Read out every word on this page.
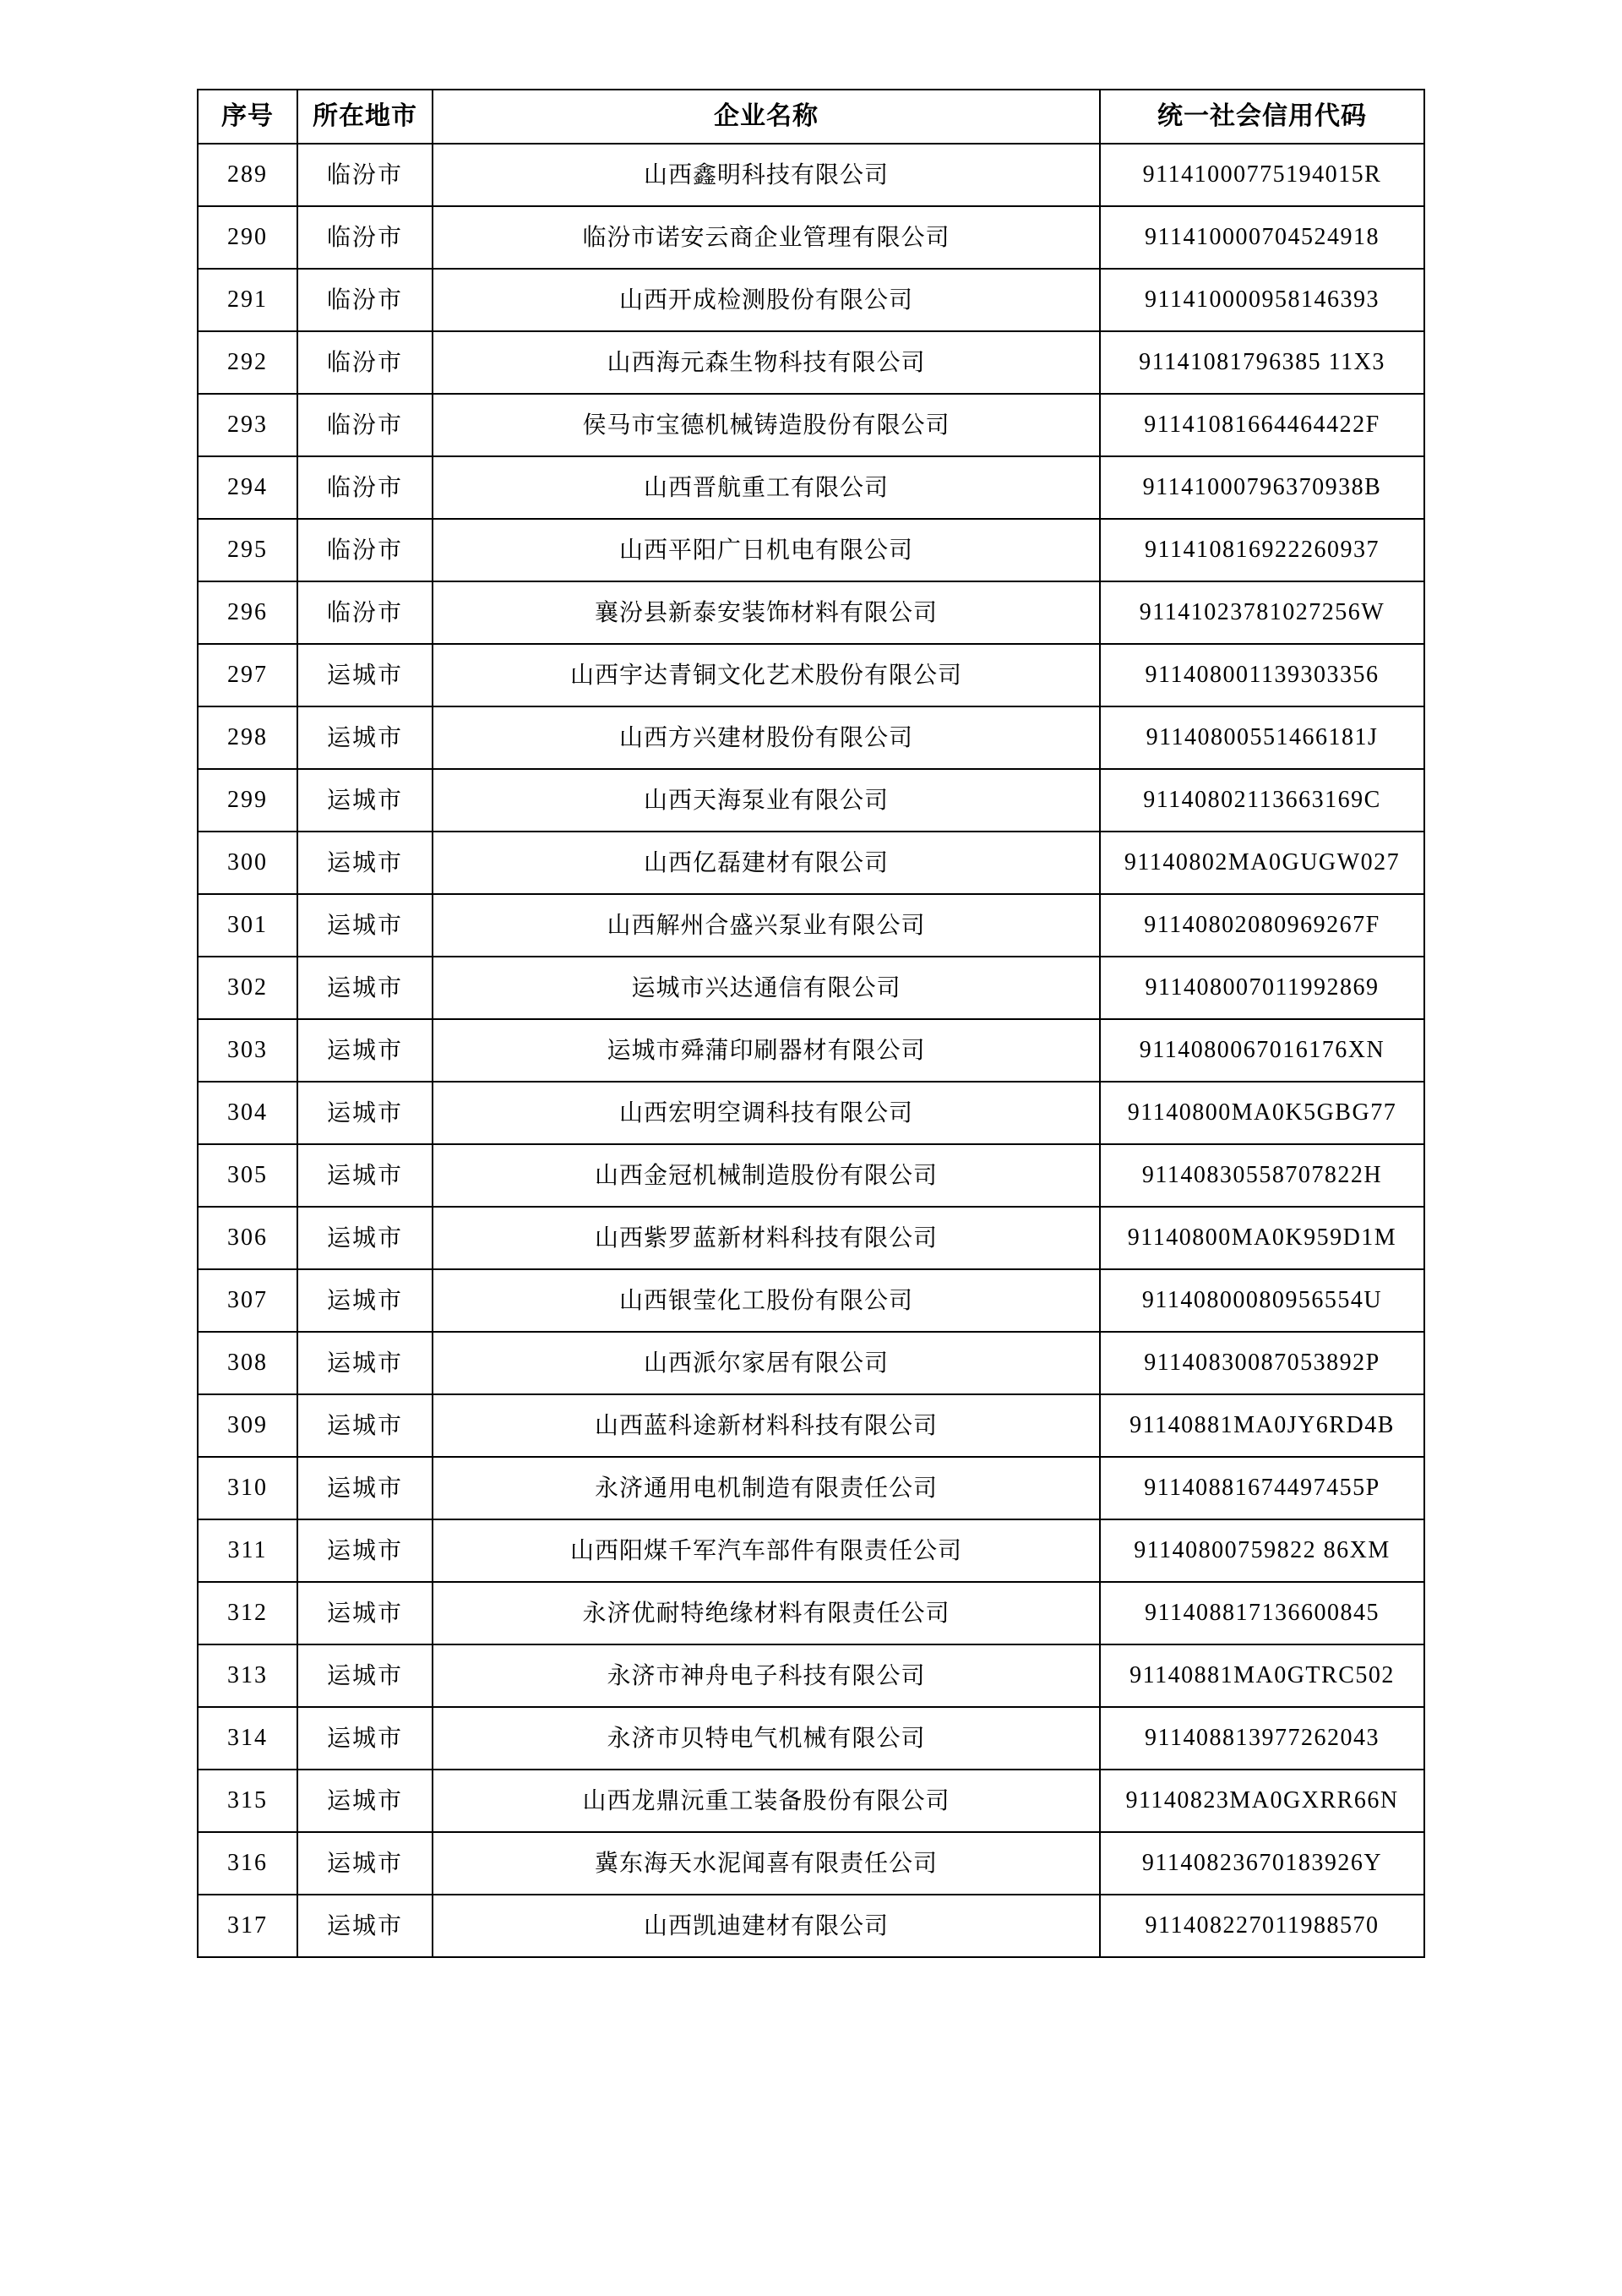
序号	所在地市	企业名称	统一社会信用代码
289	临汾市	山西鑫明科技有限公司	91141000775194015R
290	临汾市	临汾市诺安云商企业管理有限公司	911410000704524918
291	临汾市	山西开成检测股份有限公司	911410000958146393
292	临汾市	山西海元森生物科技有限公司	91141081796385 11X3
293	临汾市	侯马市宝德机械铸造股份有限公司	91141081664464422F
294	临汾市	山西晋航重工有限公司	91141000796370938B
295	临汾市	山西平阳广日机电有限公司	911410816922260937
296	临汾市	襄汾县新泰安装饰材料有限公司	91141023781027256W
297	运城市	山西宇达青铜文化艺术股份有限公司	911408001139303356
298	运城市	山西方兴建材股份有限公司	91140800551466181J
299	运城市	山西天海泵业有限公司	91140802113663169C
300	运城市	山西亿磊建材有限公司	91140802MA0GUGW027
301	运城市	山西解州合盛兴泵业有限公司	91140802080969267F
302	运城市	运城市兴达通信有限公司	911408007011992869
303	运城市	运城市舜蒲印刷器材有限公司	9114080067016176XN
304	运城市	山西宏明空调科技有限公司	91140800MA0K5GBG77
305	运城市	山西金冠机械制造股份有限公司	91140830558707822H
306	运城市	山西紫罗蓝新材料科技有限公司	91140800MA0K959D1M
307	运城市	山西银莹化工股份有限公司	91140800080956554U
308	运城市	山西派尔家居有限公司	91140830087053892P
309	运城市	山西蓝科途新材料科技有限公司	91140881MA0JY6RD4B
310	运城市	永济通用电机制造有限责任公司	91140881674497455P
311	运城市	山西阳煤千军汽车部件有限责任公司	91140800759822 86XM
312	运城市	永济优耐特绝缘材料有限责任公司	911408817136600845
313	运城市	永济市神舟电子科技有限公司	91140881MA0GTRC502
314	运城市	永济市贝特电气机械有限公司	911408813977262043
315	运城市	山西龙鼎沅重工装备股份有限公司	91140823MA0GXRR66N
316	运城市	冀东海天水泥闻喜有限责任公司	91140823670183926Y
317	运城市	山西凯迪建材有限公司	911408227011988570
